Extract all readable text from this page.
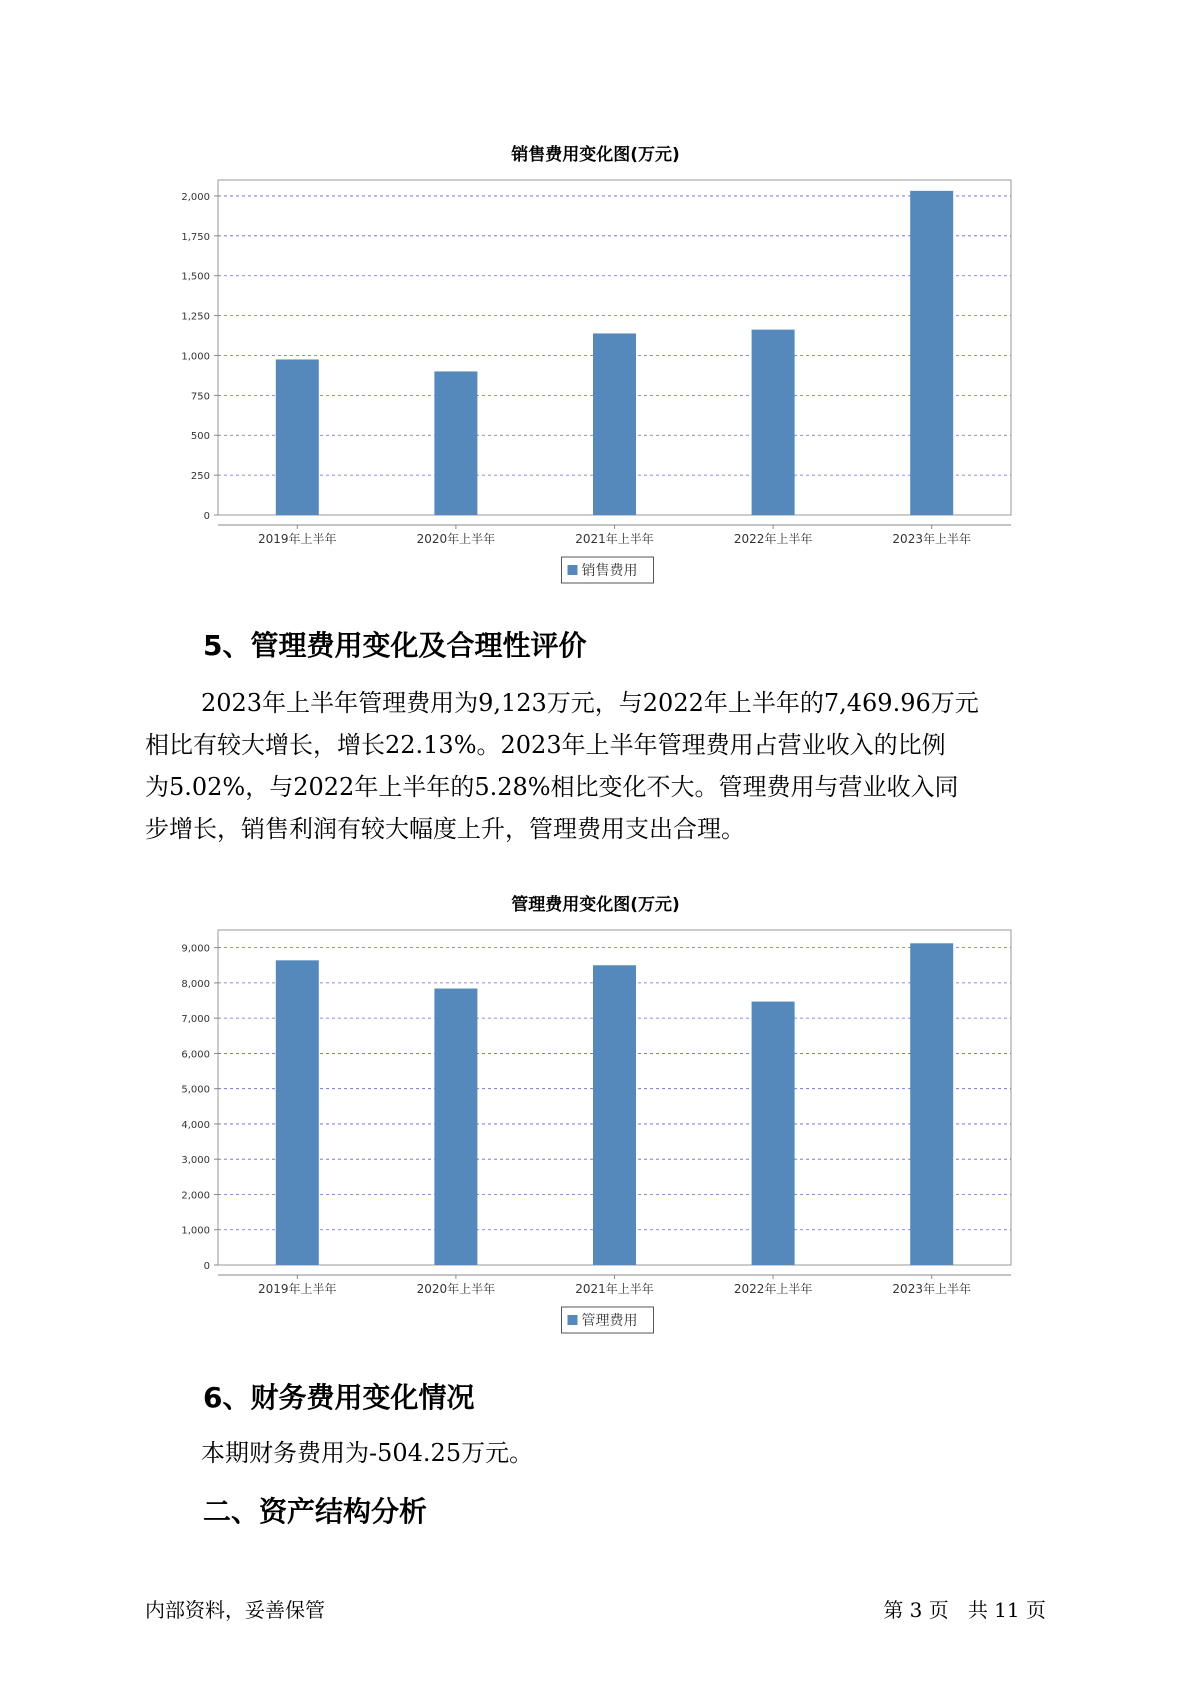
销售费用变化图(万元)
0
250
500
750
1,000
1,250
1,500
1,750
2,000
2019年上半年	2020年上半年	2021年上半年	2022年上半年	2023年上半年
销售费用
5、管理费用变化及合理性评价
2023年上半年管理费用为9,123万元，与2022年上半年的7,469.96万元
相比有较大增长，增长22.13%。2023年上半年管理费用占营业收入的比例
为5.02%，与2022年上半年的5.28%相比变化不大。管理费用与营业收入同
步增长，销售利润有较大幅度上升，管理费用支出合理。
管理费用变化图(万元)
0
1,000
2,000
3,000
4,000
5,000
6,000
7,000
8,000
9,000
2019年上半年	2020年上半年	2021年上半年	2022年上半年	2023年上半年
管理费用
6、财务费用变化情况
本期财务费用为-504.25万元。
二、资产结构分析
内部资料，妥善保管	第 3 页   共 11 页
